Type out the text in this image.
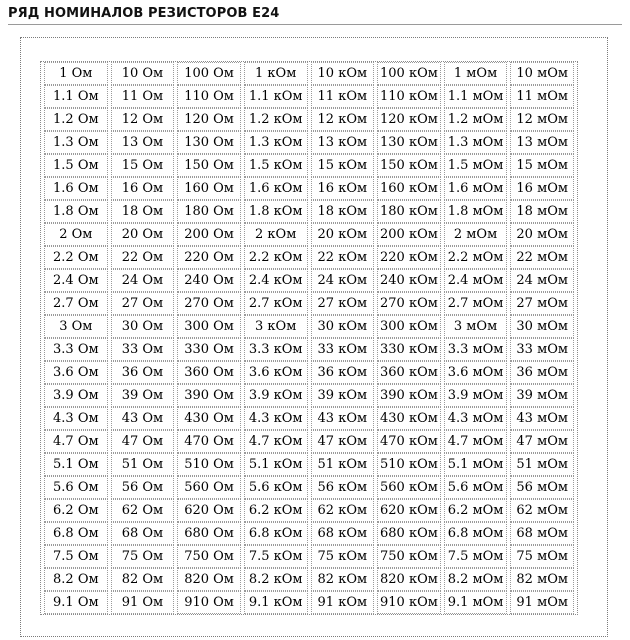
РЯД НОМИНАЛОВ РЕЗИСТОРОВ Е24
1 Ом	10 Ом	100 Ом	1 кОм	10 кОм	100 кОм	1 мОм	10 мОм
1.1 Ом	11 Ом	110 Ом	1.1 кОм	11 кОм	110 кОм	1.1 мОм	11 мОм
1.2 Ом	12 Ом	120 Ом	1.2 кОм	12 кОм	120 кОм	1.2 мОм	12 мОм
1.3 Ом	13 Ом	130 Ом	1.3 кОм	13 кОм	130 кОм	1.3 мОм	13 мОм
1.5 Ом	15 Ом	150 Ом	1.5 кОм	15 кОм	150 кОм	1.5 мОм	15 мОм
1.6 Ом	16 Ом	160 Ом	1.6 кОм	16 кОм	160 кОм	1.6 мОм	16 мОм
1.8 Ом	18 Ом	180 Ом	1.8 кОм	18 кОм	180 кОм	1.8 мОм	18 мОм
2 Ом	20 Ом	200 Ом	2 кОм	20 кОм	200 кОм	2 мОм	20 мОм
2.2 Ом	22 Ом	220 Ом	2.2 кОм	22 кОм	220 кОм	2.2 мОм	22 мОм
2.4 Ом	24 Ом	240 Ом	2.4 кОм	24 кОм	240 кОм	2.4 мОм	24 мОм
2.7 Ом	27 Ом	270 Ом	2.7 кОм	27 кОм	270 кОм	2.7 мОм	27 мОм
3 Ом	30 Ом	300 Ом	3 кОм	30 кОм	300 кОм	3 мОм	30 мОм
3.3 Ом	33 Ом	330 Ом	3.3 кОм	33 кОм	330 кОм	3.3 мОм	33 мОм
3.6 Ом	36 Ом	360 Ом	3.6 кОм	36 кОм	360 кОм	3.6 мОм	36 мОм
3.9 Ом	39 Ом	390 Ом	3.9 кОм	39 кОм	390 кОм	3.9 мОм	39 мОм
4.3 Ом	43 Ом	430 Ом	4.3 кОм	43 кОм	430 кОм	4.3 мОм	43 мОм
4.7 Ом	47 Ом	470 Ом	4.7 кОм	47 кОм	470 кОм	4.7 мОм	47 мОм
5.1 Ом	51 Ом	510 Ом	5.1 кОм	51 кОм	510 кОм	5.1 мОм	51 мОм
5.6 Ом	56 Ом	560 Ом	5.6 кОм	56 кОм	560 кОм	5.6 мОм	56 мОм
6.2 Ом	62 Ом	620 Ом	6.2 кОм	62 кОм	620 кОм	6.2 мОм	62 мОм
6.8 Ом	68 Ом	680 Ом	6.8 кОм	68 кОм	680 кОм	6.8 мОм	68 мОм
7.5 Ом	75 Ом	750 Ом	7.5 кОм	75 кОм	750 кОм	7.5 мОм	75 мОм
8.2 Ом	82 Ом	820 Ом	8.2 кОм	82 кОм	820 кОм	8.2 мОм	82 мОм
9.1 Ом	91 Ом	910 Ом	9.1 кОм	91 кОм	910 кОм	9.1 мОм	91 мОм
